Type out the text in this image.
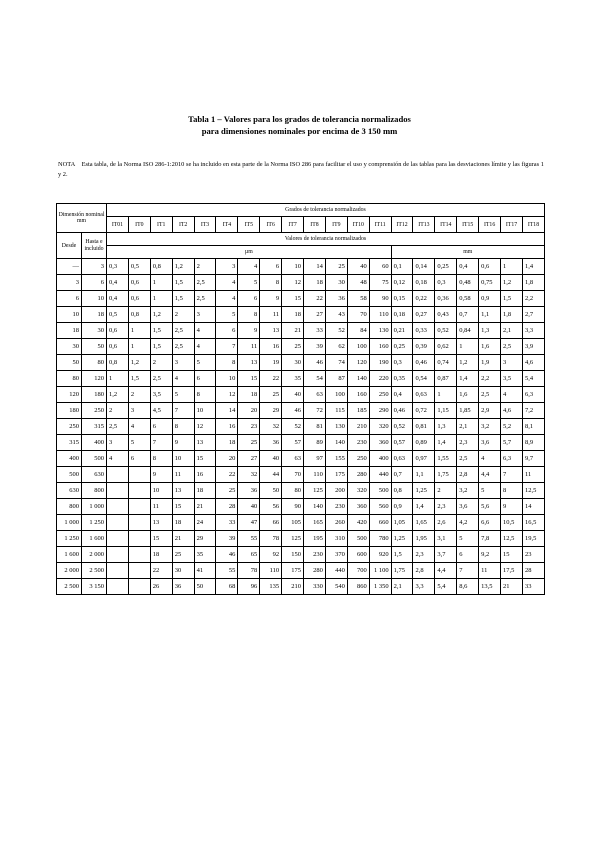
Tabla 1 – Valores para los grados de tolerancia normalizados
para dimensiones nominales por encima de 3 150 mm
NOTA Esta tabla, de la Norma ISO 286-1:2010 se ha incluido en esta parte de la Norma ISO 286 para facilitar el uso y comprensión de las tablas para las desviaciones límite y las figuras 1 y 2.
Dimensión nominal mm		Grados de tolerancia normalizados																			
		IT01	IT0	IT1	IT2	IT3	IT4	IT5	IT6	IT7	IT8	IT9	IT10	IT11	IT12	IT13	IT14	IT15	IT16	IT17	IT18
Desde	Hasta e incluido	Valores de tolerancia normalizados																			
		µm													mm						
—	3	0,3	0,5	0,8	1,2	2	3	4	6	10	14	25	40	60	0,1	0,14	0,25	0,4	0,6	1	1,4
3	6	0,4	0,6	1	1,5	2,5	4	5	8	12	18	30	48	75	0,12	0,18	0,3	0,48	0,75	1,2	1,8
6	10	0,4	0,6	1	1,5	2,5	4	6	9	15	22	36	58	90	0,15	0,22	0,36	0,58	0,9	1,5	2,2
10	18	0,5	0,8	1,2	2	3	5	8	11	18	27	43	70	110	0,18	0,27	0,43	0,7	1,1	1,8	2,7
18	30	0,6	1	1,5	2,5	4	6	9	13	21	33	52	84	130	0,21	0,33	0,52	0,84	1,3	2,1	3,3
30	50	0,6	1	1,5	2,5	4	7	11	16	25	39	62	100	160	0,25	0,39	0,62	1	1,6	2,5	3,9
50	80	0,8	1,2	2	3	5	8	13	19	30	46	74	120	190	0,3	0,46	0,74	1,2	1,9	3	4,6
80	120	1	1,5	2,5	4	6	10	15	22	35	54	87	140	220	0,35	0,54	0,87	1,4	2,2	3,5	5,4
120	180	1,2	2	3,5	5	8	12	18	25	40	63	100	160	250	0,4	0,63	1	1,6	2,5	4	6,3
180	250	2	3	4,5	7	10	14	20	29	46	72	115	185	290	0,46	0,72	1,15	1,85	2,9	4,6	7,2
250	315	2,5	4	6	8	12	16	23	32	52	81	130	210	320	0,52	0,81	1,3	2,1	3,2	5,2	8,1
315	400	3	5	7	9	13	18	25	36	57	89	140	230	360	0,57	0,89	1,4	2,3	3,6	5,7	8,9
400	500	4	6	8	10	15	20	27	40	63	97	155	250	400	0,63	0,97	1,55	2,5	4	6,3	9,7
500	630			9	11	16	22	32	44	70	110	175	280	440	0,7	1,1	1,75	2,8	4,4	7	11
630	800			10	13	18	25	36	50	80	125	200	320	500	0,8	1,25	2	3,2	5	8	12,5
800	1 000			11	15	21	28	40	56	90	140	230	360	560	0,9	1,4	2,3	3,6	5,6	9	14
1 000	1 250			13	18	24	33	47	66	105	165	260	420	660	1,05	1,65	2,6	4,2	6,6	10,5	16,5
1 250	1 600			15	21	29	39	55	78	125	195	310	500	780	1,25	1,95	3,1	5	7,8	12,5	19,5
1 600	2 000			18	25	35	46	65	92	150	230	370	600	920	1,5	2,3	3,7	6	9,2	15	23
2 000	2 500			22	30	41	55	78	110	175	280	440	700	1 100	1,75	2,8	4,4	7	11	17,5	28
2 500	3 150			26	36	50	68	96	135	210	330	540	860	1 350	2,1	3,3	5,4	8,6	13,5	21	33
